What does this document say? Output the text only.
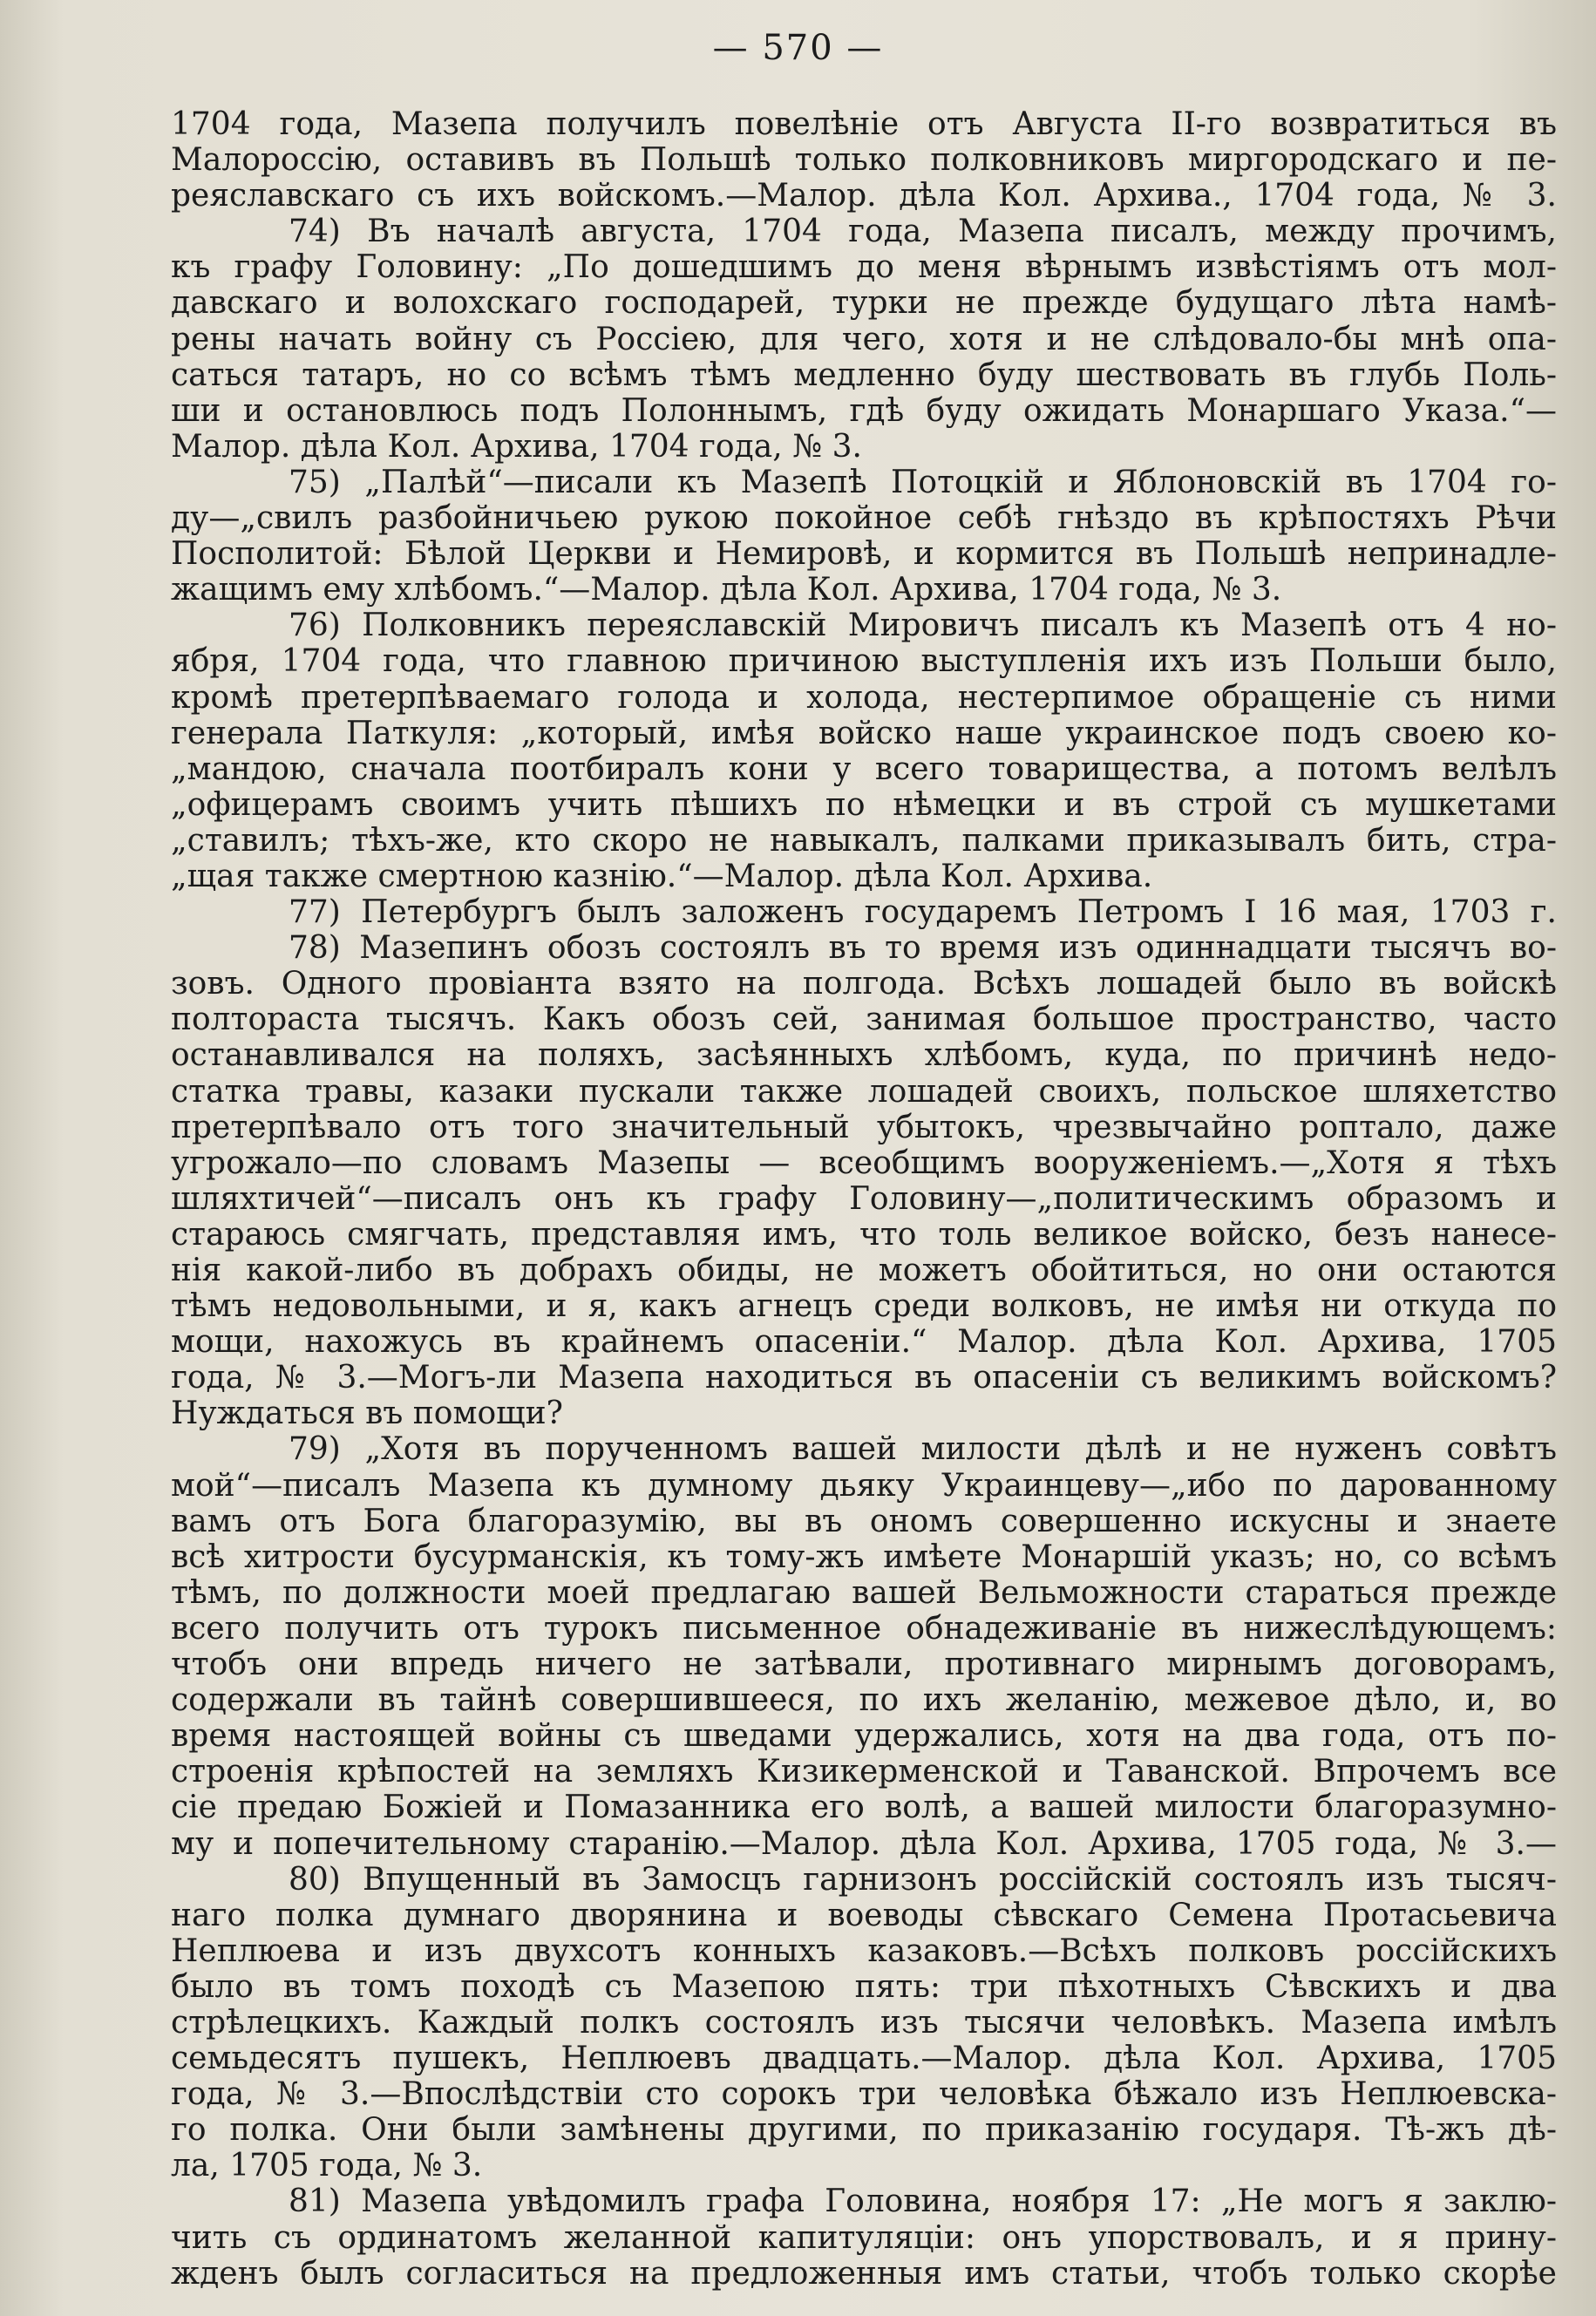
— 570 —
1704 года, Мазепа получилъ повелѣніе отъ Августа II-го возвратиться въ
Малороссію, оставивъ въ Польшѣ только полковниковъ миргородскаго и пе-
реяславскаго съ ихъ войскомъ.—Малор. дѣла Кол. Архива., 1704 года, № 3.
74) Въ началѣ августа, 1704 года, Мазепа писалъ, между прочимъ,
къ графу Головину: „По дошедшимъ до меня вѣрнымъ извѣстіямъ отъ мол-
давскаго и волохскаго господарей, турки не прежде будущаго лѣта намѣ-
рены начать войну съ Россіею, для чего, хотя и не слѣдовало-бы мнѣ опа-
саться татаръ, но со всѣмъ тѣмъ медленно буду шествовать въ глубь Поль-
ши и остановлюсь подъ Полоннымъ, гдѣ буду ожидать Монаршаго Указа.“—
Малор. дѣла Кол. Архива, 1704 года, № 3.
75) „Палѣй“—писали къ Мазепѣ Потоцкій и Яблоновскій въ 1704 го-
ду—„свилъ разбойничьею рукою покойное себѣ гнѣздо въ крѣпостяхъ Рѣчи
Посполитой: Бѣлой Церкви и Немировѣ, и кормится въ Польшѣ непринадле-
жащимъ ему хлѣбомъ.“—Малор. дѣла Кол. Архива, 1704 года, № 3.
76) Полковникъ переяславскій Мировичъ писалъ къ Мазепѣ отъ 4 но-
ября, 1704 года, что главною причиною выступленія ихъ изъ Польши было,
кромѣ претерпѣваемаго голода и холода, нестерпимое обращеніе съ ними
генерала Паткуля: „который, имѣя войско наше украинское подъ своею ко-
„мандою, сначала поотбиралъ кони у всего товарищества, а потомъ велѣлъ
„офицерамъ своимъ учить пѣшихъ по нѣмецки и въ строй съ мушкетами
„ставилъ; тѣхъ-же, кто скоро не навыкалъ, палками приказывалъ бить, стра-
„щая также смертною казнію.“—Малор. дѣла Кол. Архива.
77) Петербургъ былъ заложенъ государемъ Петромъ I 16 мая, 1703 г.
78) Мазепинъ обозъ состоялъ въ то время изъ одиннадцати тысячъ во-
зовъ. Одного провіанта взято на полгода. Всѣхъ лошадей было въ войскѣ
полтораста тысячъ. Какъ обозъ сей, занимая большое пространство, часто
останавливался на поляхъ, засѣянныхъ хлѣбомъ, куда, по причинѣ недо-
статка травы, казаки пускали также лошадей своихъ, польское шляхетство
претерпѣвало отъ того значительный убытокъ, чрезвычайно роптало, даже
угрожало—по словамъ Мазепы — всеобщимъ вооруженіемъ.—„Хотя я тѣхъ
шляхтичей“—писалъ онъ къ графу Головину—„политическимъ образомъ и
стараюсь смягчать, представляя имъ, что толь великое войско, безъ нанесе-
нія какой-либо въ добрахъ обиды, не можетъ обойтиться, но они остаются
тѣмъ недовольными, и я, какъ агнецъ среди волковъ, не имѣя ни откуда по
мощи, нахожусь въ крайнемъ опасеніи.“ Малор. дѣла Кол. Архива, 1705
года, № 3.—Могъ-ли Мазепа находиться въ опасеніи съ великимъ войскомъ?
Нуждаться въ помощи?
79) „Хотя въ порученномъ вашей милости дѣлѣ и не нуженъ совѣтъ
мой“—писалъ Мазепа къ думному дьяку Украинцеву—„ибо по дарованному
вамъ отъ Бога благоразумію, вы въ ономъ совершенно искусны и знаете
всѣ хитрости бусурманскія, къ тому-жъ имѣете Монаршій указъ; но, со всѣмъ
тѣмъ, по должности моей предлагаю вашей Вельможности стараться прежде
всего получить отъ турокъ письменное обнадеживаніе въ нижеслѣдующемъ:
чтобъ они впредь ничего не затѣвали, противнаго мирнымъ договорамъ,
содержали въ тайнѣ совершившееся, по ихъ желанію, межевое дѣло, и, во
время настоящей войны съ шведами удержались, хотя на два года, отъ по-
строенія крѣпостей на земляхъ Кизикерменской и Таванской. Впрочемъ все
сіе предаю Божіей и Помазанника его волѣ, а вашей милости благоразумно-
му и попечительному старанію.—Малор. дѣла Кол. Архива, 1705 года, № 3.—
80) Впущенный въ Замосцъ гарнизонъ россійскій состоялъ изъ тысяч-
наго полка думнаго дворянина и воеводы сѣвскаго Семена Протасьевича
Неплюева и изъ двухсотъ конныхъ казаковъ.—Всѣхъ полковъ россійскихъ
было въ томъ походѣ съ Мазепою пять: три пѣхотныхъ Сѣвскихъ и два
стрѣлецкихъ. Каждый полкъ состоялъ изъ тысячи человѣкъ. Мазепа имѣлъ
семьдесятъ пушекъ, Неплюевъ двадцать.—Малор. дѣла Кол. Архива, 1705
года, № 3.—Впослѣдствіи сто сорокъ три человѣка бѣжало изъ Неплюевска-
го полка. Они были замѣнены другими, по приказанію государя. Тѣ-жъ дѣ-
ла, 1705 года, № 3.
81) Мазепа увѣдомилъ графа Головина, ноября 17: „Не могъ я заклю-
чить съ ординатомъ желанной капитуляціи: онъ упорствовалъ, и я прину-
жденъ былъ согласиться на предложенныя имъ статьи, чтобъ только скорѣе
